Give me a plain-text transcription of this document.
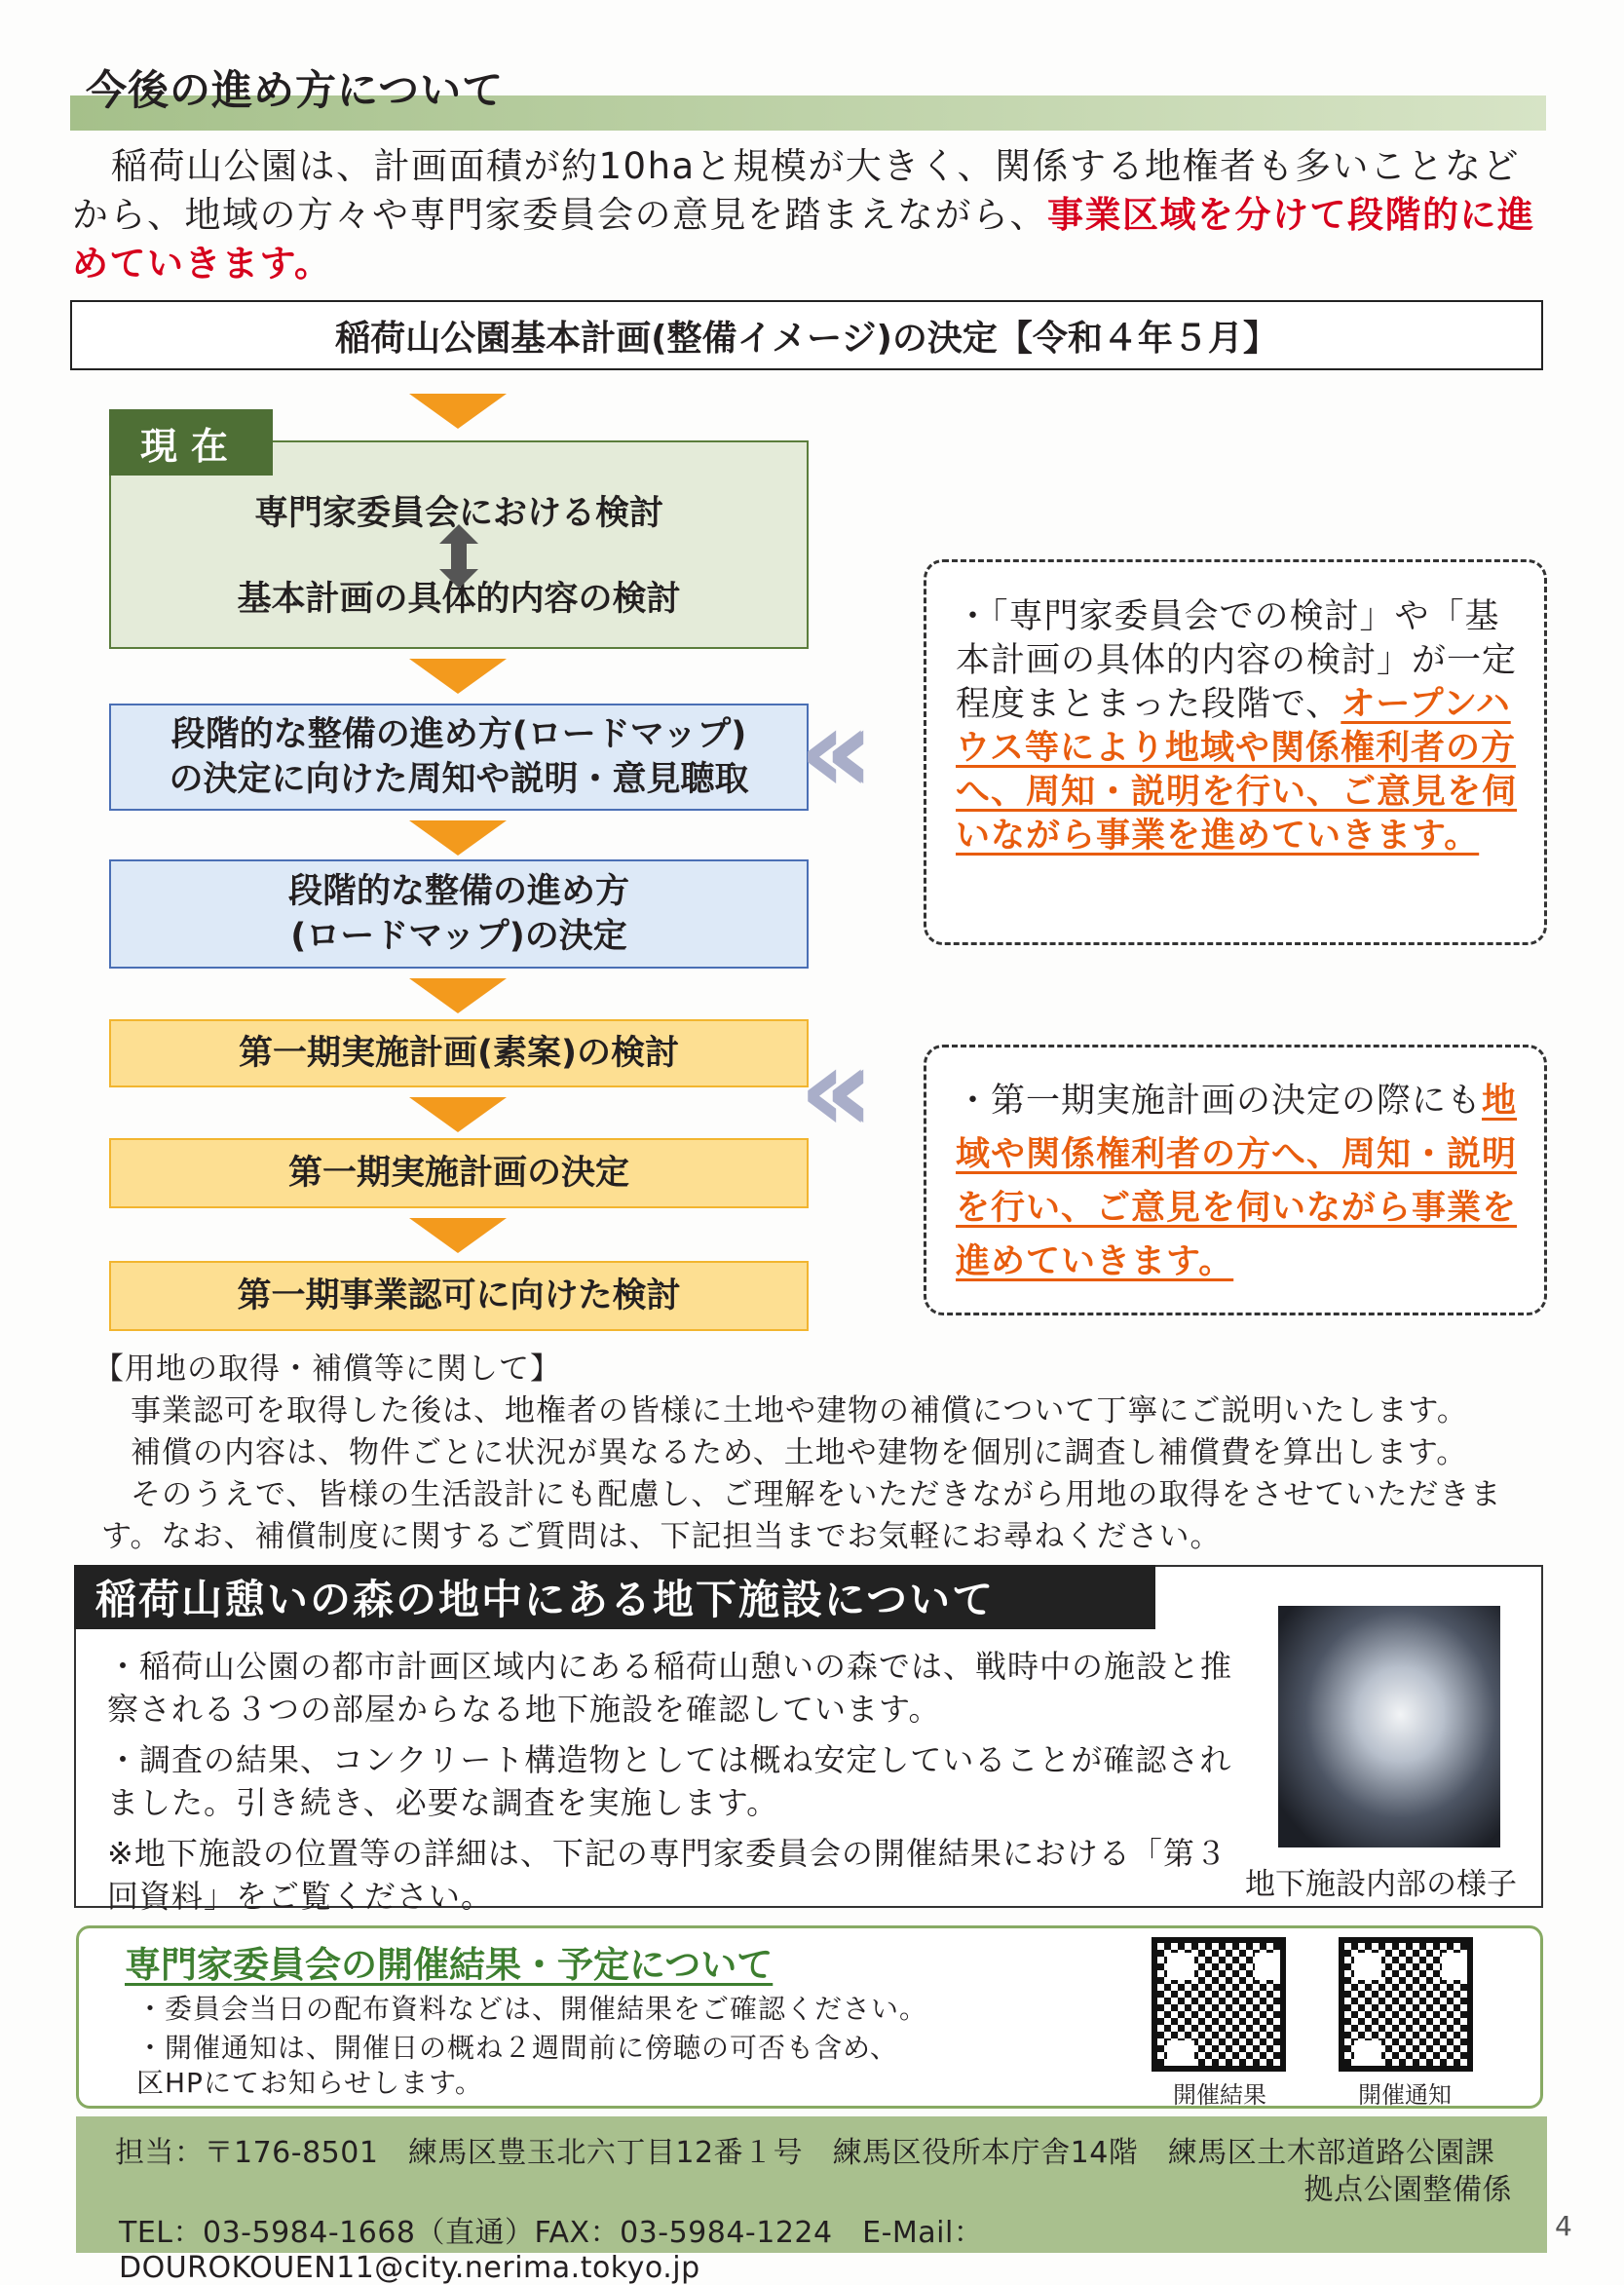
今後の進め方について
稲荷山公園は、計画面積が約10haと規模が大きく、関係する地権者も多いことなどから、地域の方々や専門家委員会の意見を踏まえながら、事業区域を分けて段階的に進めていきます。
稲荷山公園基本計画(整備イメージ)の決定【令和４年５月】
専門家委員会における検討
基本計画の具体的内容の検討
現在
段階的な整備の進め方(ロードマップ)
の決定に向けた周知や説明・意見聴取
段階的な整備の進め方
(ロードマップ)の決定
第一期実施計画(素案)の検討
第一期実施計画の決定
第一期事業認可に向けた検討
«
«
・「専門家委員会での検討」や「基本計画の具体的内容の検討」が一定程度まとまった段階で、オープンハウス等により地域や関係権利者の方へ、周知・説明を行い、ご意見を伺いながら事業を進めていきます。
・第一期実施計画の決定の際にも地域や関係権利者の方へ、周知・説明を行い、ご意見を伺いながら事業を進めていきます。

【用地の取得・補償等に関して】

事業認可を取得した後は、地権者の皆様に土地や建物の補償について丁寧にご説明いたします。

補償の内容は、物件ごとに状況が異なるため、土地や建物を個別に調査し補償費を算出します。

そのうえで、皆様の生活設計にも配慮し、ご理解をいただきながら用地の取得をさせていただきます。なお、補償制度に関するご質問は、下記担当までお気軽にお尋ねください。

稲荷山憩いの森の地中にある地下施設について

・稲荷山公園の都市計画区域内にある稲荷山憩いの森では、戦時中の施設と推察される３つの部屋からなる地下施設を確認しています。

・調査の結果、コンクリート構造物としては概ね安定していることが確認されました。引き続き、必要な調査を実施します。

※地下施設の位置等の詳細は、下記の専門家委員会の開催結果における「第３回資料」をご覧ください。	地下施設内部の様子
専門家委員会の開催結果・予定について

・委員会当日の配布資料などは、開催結果をご確認ください。

・開催通知は、開催日の概ね２週間前に傍聴の可否も含め、区HPにてお知らせします。	開催結果	開催通知
担当：〒176-8501　練馬区豊玉北六丁目12番１号　練馬区役所本庁舎14階　練馬区土木部道路公園課
拠点公園整備係
TEL：03-5984-1668（直通）FAX：03-5984-1224　E-Mail：DOUROKOUEN11@city.nerima.tokyo.jp
4
